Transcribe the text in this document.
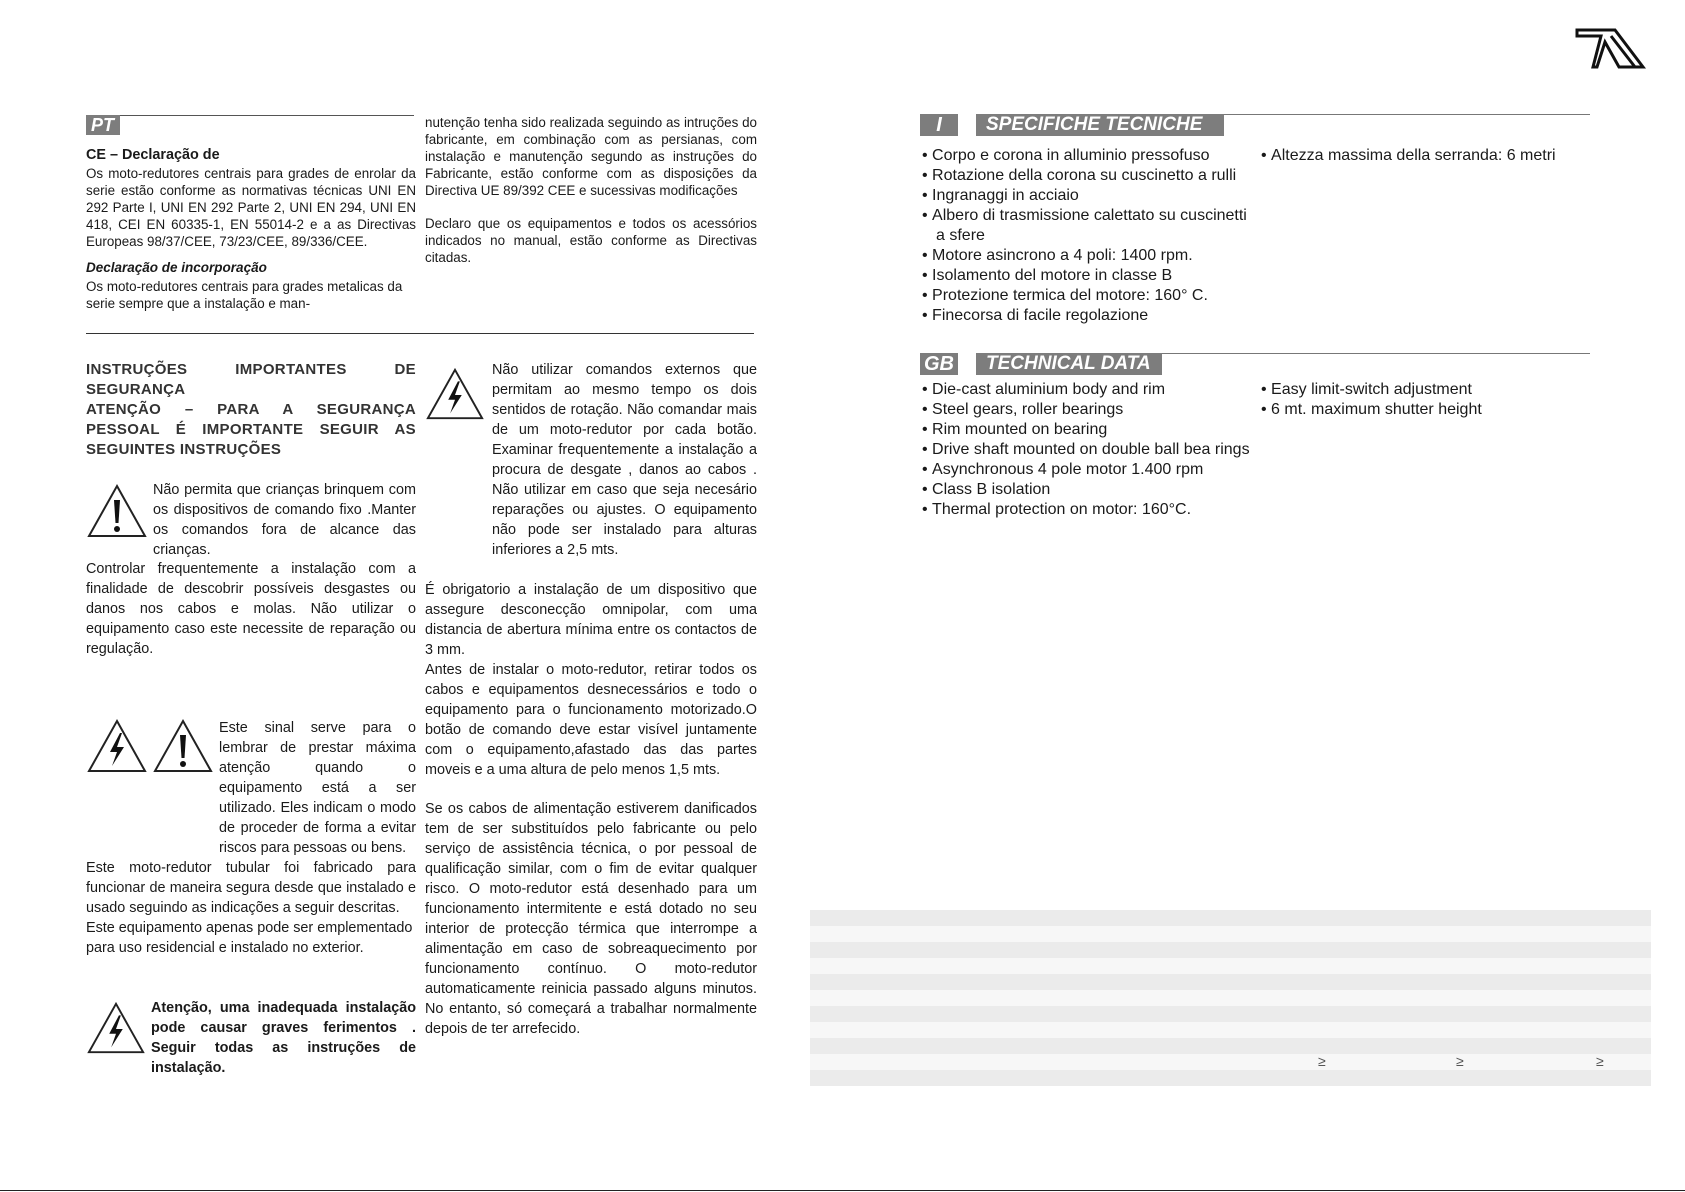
PT
CE – Declaração de
Os moto-redutores centrais para grades de enrolar da serie estão conforme as normativas técnicas UNI EN 292 Parte I, UNI EN 292 Parte 2, UNI EN 294, UNI EN 418, CEI EN 60335-1, EN 55014-2 e a as Directivas Europeas 98/37/CEE, 73/23/CEE, 89/336/CEE.
Declaração de incorporação
Os moto-redutores centrais para grades metalicas da serie sempre que a instalação e man-
nutenção tenha sido realizada seguindo as intruções do fabricante, em combinação com as persianas, com instalação e manutenção segundo as instruções do Fabricante, estão conforme com as disposições da Directiva UE 89/392 CEE e sucessivas modificações
Declaro que os equipamentos e todos os acessórios indicados no manual, estão conforme as Directivas citadas.
INSTRUÇÕES IMPORTANTES DE SEGURANÇA
ATENÇÃO – PARA A SEGURANÇA PESSOAL É IMPORTANTE SEGUIR AS SEGUINTES INSTRUÇÕES
Não permita que crianças brinquem com os dispositivos de comando fixo .Manter os comandos fora de alcance das crianças.
Controlar frequentemente a instalação com a finalidade de descobrir possíveis desgastes ou danos nos cabos e molas. Não utilizar o equipamento caso este necessite de reparação ou regulação.
Este sinal serve para o lembrar de prestar máxima atenção quando o equipamento está a ser utilizado. Eles indicam o modo de proceder de forma a evitar riscos para pessoas ou bens.
Este moto-redutor tubular foi fabricado para funcionar de maneira segura desde que instalado e usado seguindo as indicações a seguir descritas.
Este equipamento apenas pode ser emplementado para uso residencial e instalado no exterior.
Atenção, uma inadequada instalação pode causar graves ferimentos . Seguir todas as instruções de instalação.
Não utilizar comandos externos que permitam ao mesmo tempo os dois sentidos de rotação. Não comandar mais de um moto-redutor por cada botão. Examinar frequentemente a instalação a procura de desgate , danos ao cabos . Não utilizar em caso que seja necesário reparações ou ajustes. O equipamento não pode ser instalado para alturas inferiores a 2,5 mts.
É obrigatorio a instalação de um dispositivo que assegure desconecção omnipolar, com uma distancia de abertura mínima entre os contactos de 3 mm.
Antes de instalar o moto-redutor, retirar todos os cabos e equipamentos desnecessários e todo o equipamento para o funcionamento motorizado.O botão de comando deve estar visível juntamente com o equipamento,afastado das das partes moveis e a uma altura de pelo menos 1,5 mts.
Se os cabos de alimentação estiverem danificados tem de ser substituídos pelo fabricante ou pelo serviço de assistência técnica, o por pessoal de qualificação similar, com o fim de evitar qualquer risco. O moto-redutor está desenhado para um funcionamento intermitente e está dotado no seu interior de protecção térmica que interrompe a alimentação em caso de sobreaquecimento por funcionamento contínuo. O moto-redutor automaticamente reinicia passado alguns minutos. No entanto, só começará a trabalhar normalmente depois de ter arrefecido.
I	SPECIFICHE TECNICHE
• Corpo e corona in alluminio pressofuso
• Rotazione della corona su cuscinetto a rulli
• Ingranaggi in acciaio
• Albero di trasmissione calettato su cuscinetti a sfere
• Motore asincrono a 4 poli: 1400 rpm.
• Isolamento del motore in classe B
• Protezione termica del motore: 160° C.
• Finecorsa di facile regolazione
• Altezza massima della serranda: 6 metri
GB	TECHNICAL DATA
• Die-cast aluminium body and rim
• Steel gears, roller bearings
• Rim mounted on bearing
• Drive shaft mounted on double ball bea rings
• Asynchronous 4 pole motor 1.400 rpm
• Class B isolation
• Thermal protection on motor: 160°C.
• Easy limit-switch adjustment
• 6 mt. maximum shutter height
≥	≥	≥
